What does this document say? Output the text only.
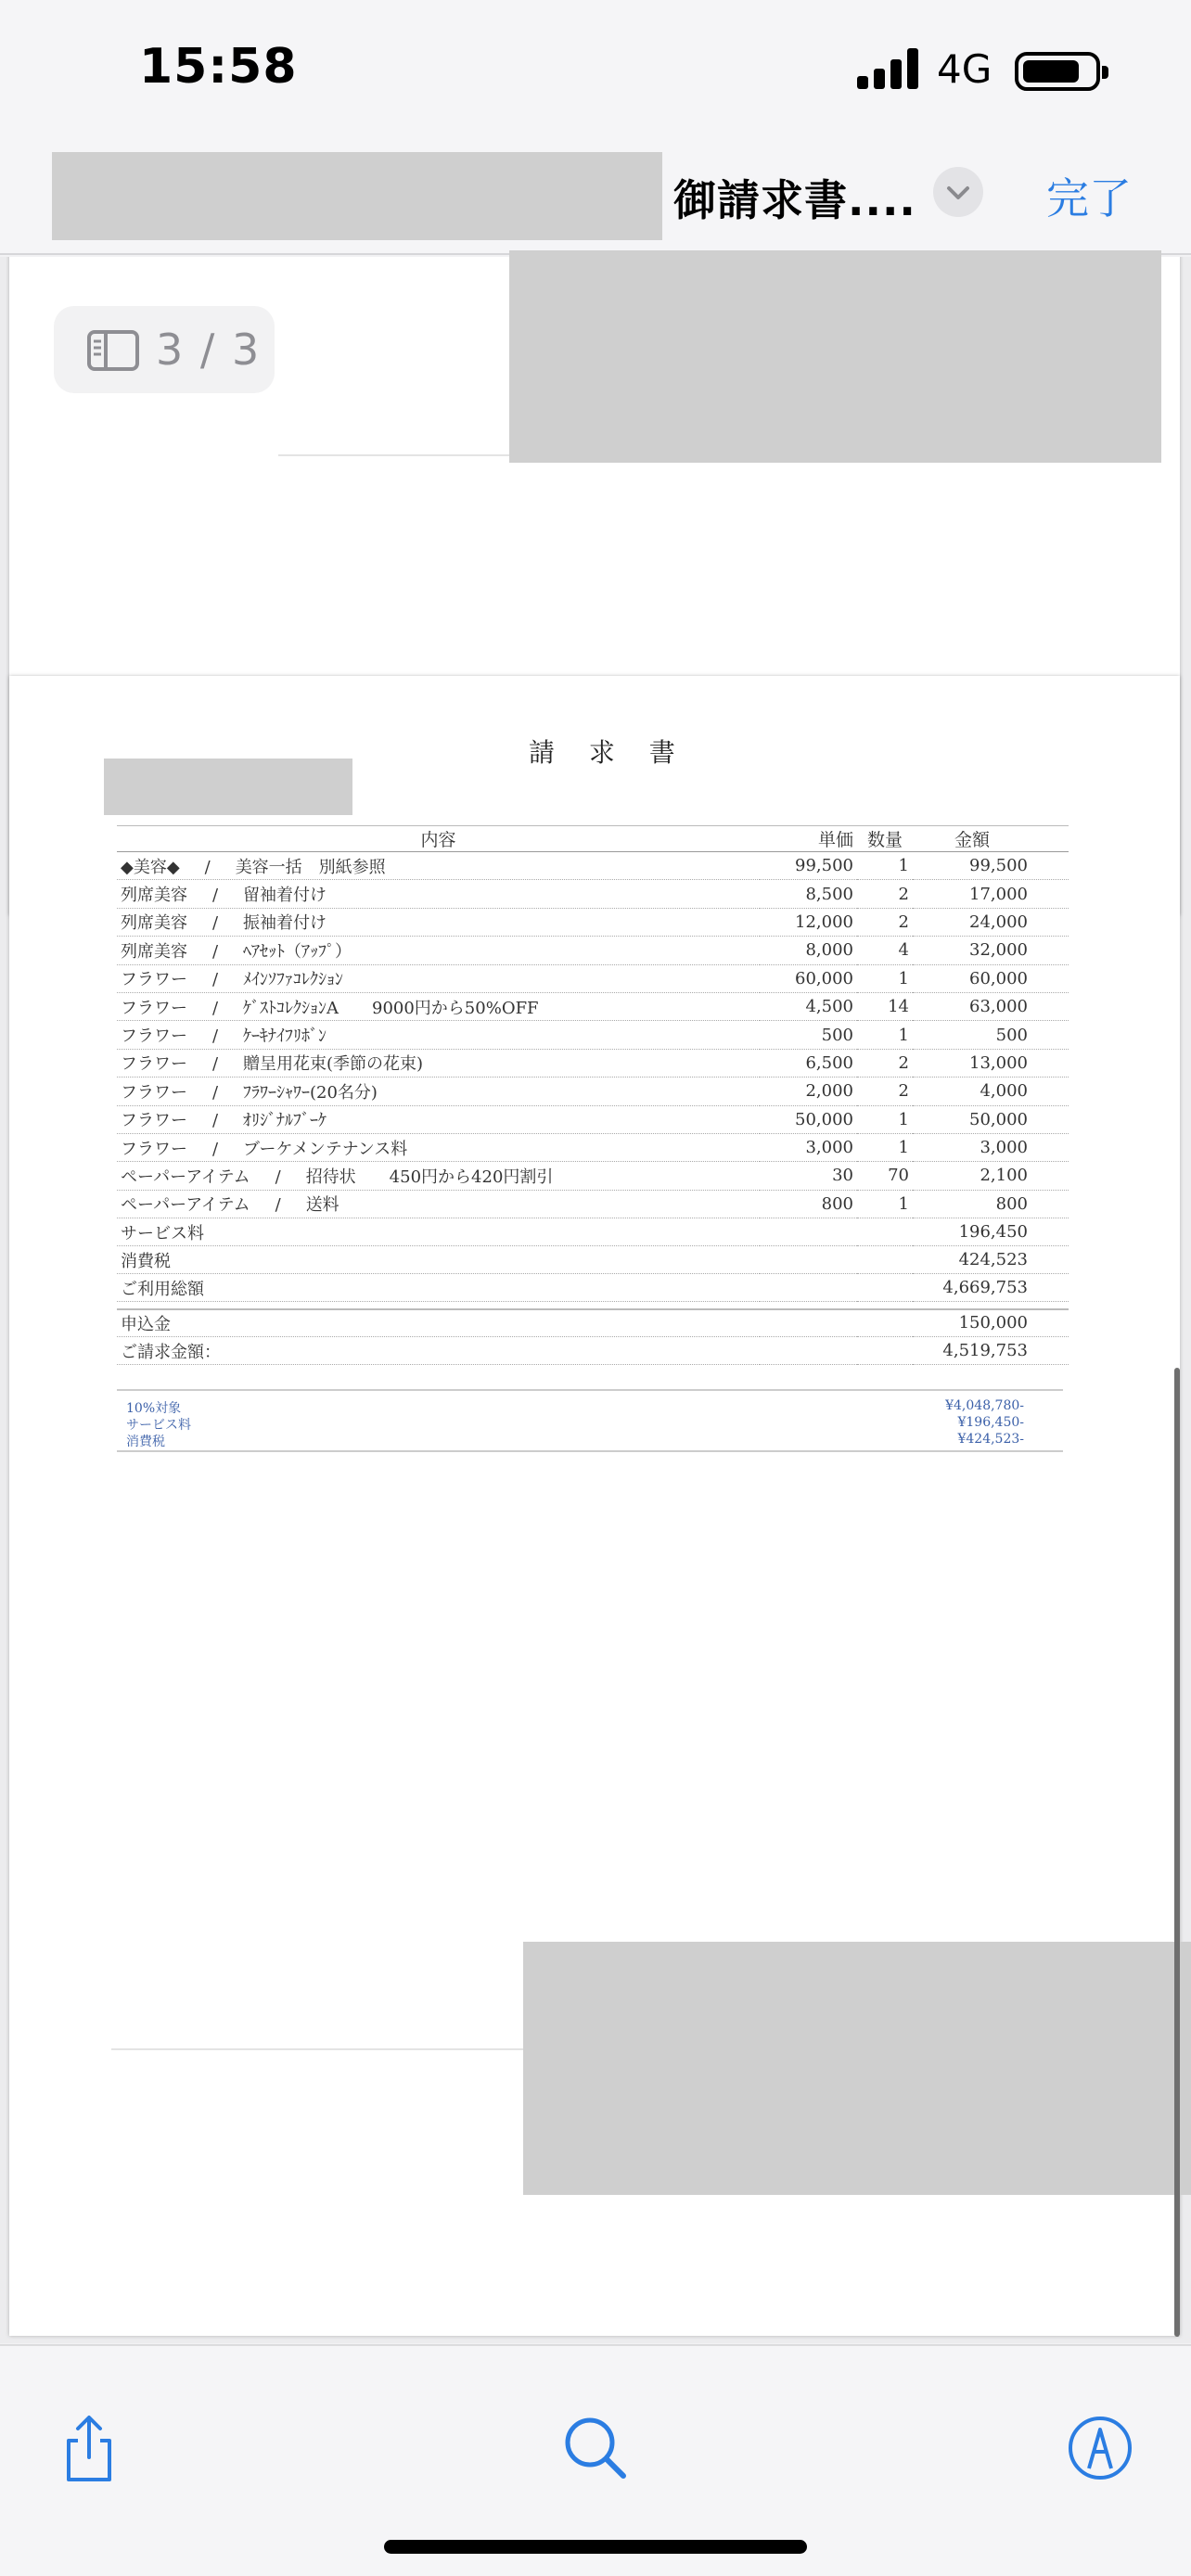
15:58	4G
御請求書....	完了
3 / 3
請 求 書
内容	単価	数量	金額
◆美容◆ / 美容一括　別紙参照	99,500	1	99,500
列席美容 / 留袖着付け	8,500	2	17,000
列席美容 / 振袖着付け	12,000	2	24,000
列席美容 / ﾍｱｾｯﾄ（ｱｯﾌﾟ）	8,000	4	32,000
フラワー / ﾒｲﾝｿﾌｧｺﾚｸｼｮﾝ	60,000	1	60,000
フラワー / ｹﾞｽﾄｺﾚｸｼｮﾝA　　9000円から50%OFF	4,500	14	63,000
フラワー / ｹｰｷﾅｲﾌﾘﾎﾞﾝ	500	1	500
フラワー / 贈呈用花束(季節の花束)	6,500	2	13,000
フラワー / ﾌﾗﾜｰｼｬﾜｰ(20名分)	2,000	2	4,000
フラワー / ｵﾘｼﾞﾅﾙﾌﾞｰｹ	50,000	1	50,000
フラワー / ブーケメンテナンス料	3,000	1	3,000
ペーパーアイテム / 招待状　　450円から420円割引	30	70	2,100
ペーパーアイテム / 送料	800	1	800
サービス料			196,450
消費税			424,523
ご利用総額			4,669,753

申込金			150,000
ご請求金額：			4,519,753
10%対象	¥4,048,780-
サービス料	¥196,450-
消費税	¥424,523-
